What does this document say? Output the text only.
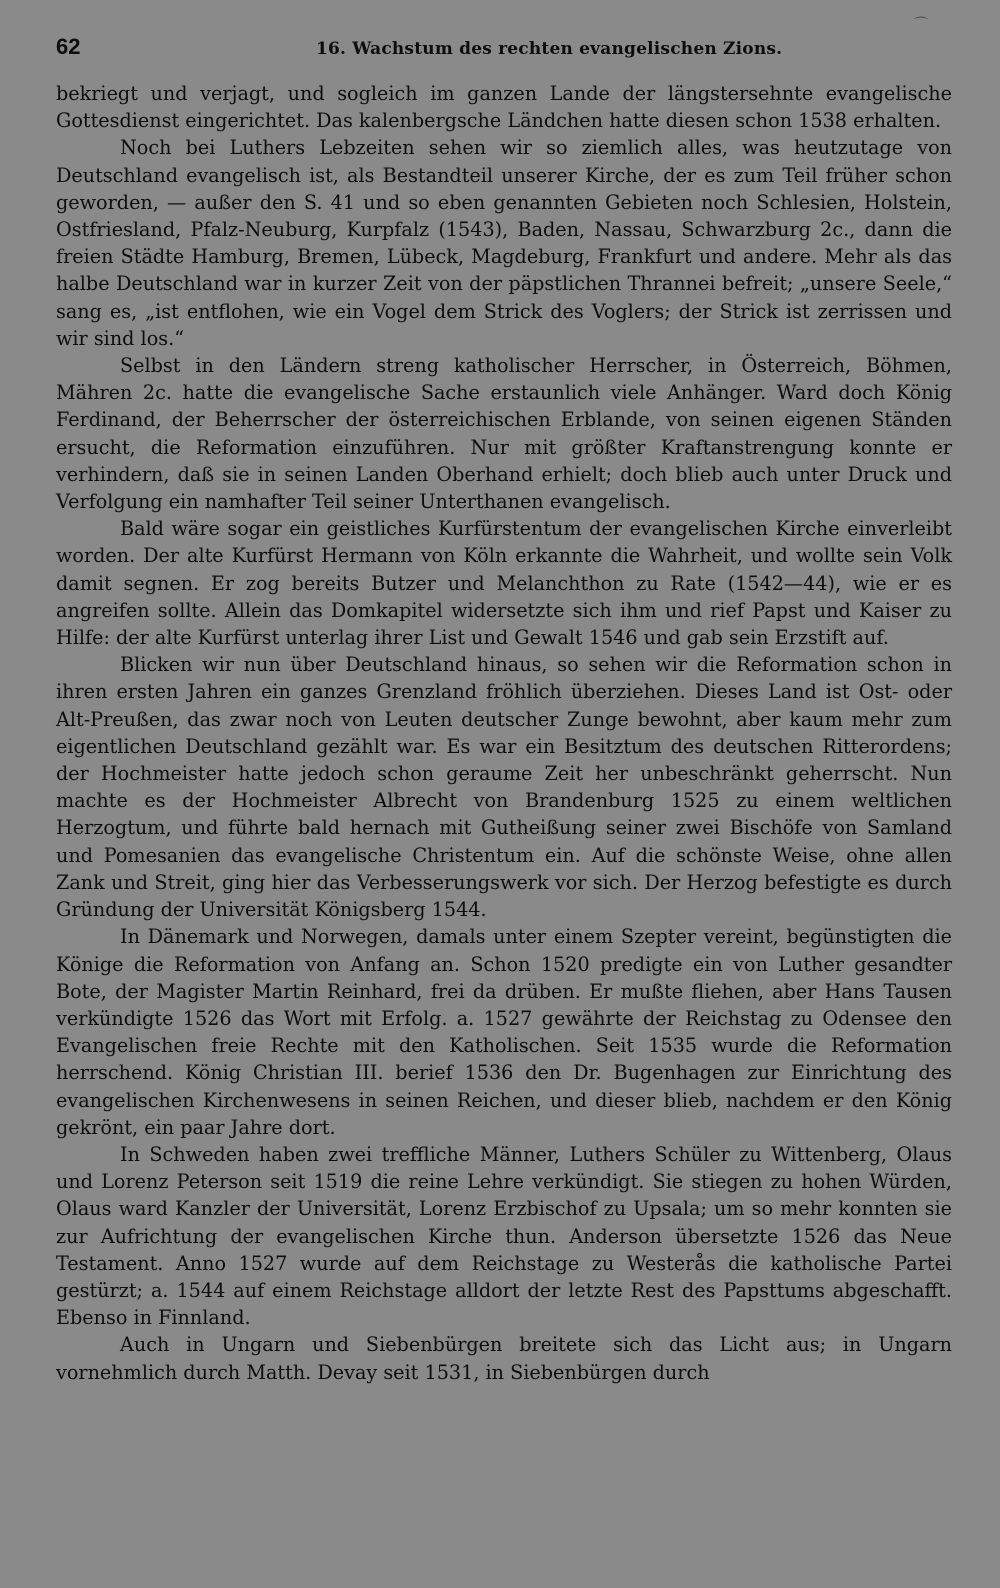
⌒
62	16. Wachstum des rechten evangelischen Zions.

bekriegt und verjagt, und sogleich im ganzen Lande der längstersehnte evangelische Gottesdienst eingerichtet. Das kalenbergsche Ländchen hatte diesen schon 1538 erhalten.

Noch bei Luthers Lebzeiten sehen wir so ziemlich alles, was heutzutage von Deutschland evangelisch ist, als Bestandteil unserer Kirche, der es zum Teil früher schon geworden, — außer den S. 41 und so eben genannten Gebieten noch Schlesien, Holstein, Ostfriesland, Pfalz-Neuburg, Kurpfalz (1543), Baden, Nassau, Schwarzburg 2c., dann die freien Städte Hamburg, Bremen, Lübeck, Magdeburg, Frankfurt und andere. Mehr als das halbe Deutschland war in kurzer Zeit von der päpstlichen Thrannei befreit; „unsere Seele,“ sang es, „ist entflohen, wie ein Vogel dem Strick des Voglers; der Strick ist zerrissen und wir sind los.“

Selbst in den Ländern streng katholischer Herrscher, in Österreich, Böhmen, Mähren 2c. hatte die evangelische Sache erstaunlich viele Anhänger. Ward doch König Ferdinand, der Beherrscher der österreichischen Erblande, von seinen eigenen Ständen ersucht, die Reformation einzuführen. Nur mit größter Kraftanstrengung konnte er verhindern, daß sie in seinen Landen Oberhand erhielt; doch blieb auch unter Druck und Verfolgung ein namhafter Teil seiner Unterthanen evangelisch.

Bald wäre sogar ein geistliches Kurfürstentum der evangelischen Kirche einverleibt worden. Der alte Kurfürst Hermann von Köln erkannte die Wahrheit, und wollte sein Volk damit segnen. Er zog bereits Butzer und Melanchthon zu Rate (1542—44), wie er es angreifen sollte. Allein das Domkapitel widersetzte sich ihm und rief Papst und Kaiser zu Hilfe: der alte Kurfürst unterlag ihrer List und Gewalt 1546 und gab sein Erzstift auf.

Blicken wir nun über Deutschland hinaus, so sehen wir die Reformation schon in ihren ersten Jahren ein ganzes Grenzland fröhlich überziehen. Dieses Land ist Ost- oder Alt-Preußen, das zwar noch von Leuten deutscher Zunge bewohnt, aber kaum mehr zum eigentlichen Deutschland gezählt war. Es war ein Besitztum des deutschen Ritterordens; der Hochmeister hatte jedoch schon geraume Zeit her unbeschränkt geherrscht. Nun machte es der Hochmeister Albrecht von Brandenburg 1525 zu einem weltlichen Herzogtum, und führte bald hernach mit Gutheißung seiner zwei Bischöfe von Samland und Pomesanien das evangelische Christentum ein. Auf die schönste Weise, ohne allen Zank und Streit, ging hier das Verbesserungswerk vor sich. Der Herzog befestigte es durch Gründung der Universität Königsberg 1544.

In Dänemark und Norwegen, damals unter einem Szepter vereint, begünstigten die Könige die Reformation von Anfang an. Schon 1520 predigte ein von Luther gesandter Bote, der Magister Martin Reinhard, frei da drüben. Er mußte fliehen, aber Hans Tausen verkündigte 1526 das Wort mit Erfolg. a. 1527 gewährte der Reichstag zu Odensee den Evangelischen freie Rechte mit den Katholischen. Seit 1535 wurde die Reformation herrschend. König Christian III. berief 1536 den Dr. Bugenhagen zur Einrichtung des evangelischen Kirchenwesens in seinen Reichen, und dieser blieb, nachdem er den König gekrönt, ein paar Jahre dort.

In Schweden haben zwei treffliche Männer, Luthers Schüler zu Wittenberg, Olaus und Lorenz Peterson seit 1519 die reine Lehre verkündigt. Sie stiegen zu hohen Würden, Olaus ward Kanzler der Universität, Lorenz Erzbischof zu Upsala; um so mehr konnten sie zur Aufrichtung der evangelischen Kirche thun. Anderson übersetzte 1526 das Neue Testament. Anno 1527 wurde auf dem Reichstage zu Westerås die katholische Partei gestürzt; a. 1544 auf einem Reichstage alldort der letzte Rest des Papsttums abgeschafft. Ebenso in Finnland.

Auch in Ungarn und Siebenbürgen breitete sich das Licht aus; in Ungarn vornehmlich durch Matth. Devay seit 1531, in Siebenbürgen durch
